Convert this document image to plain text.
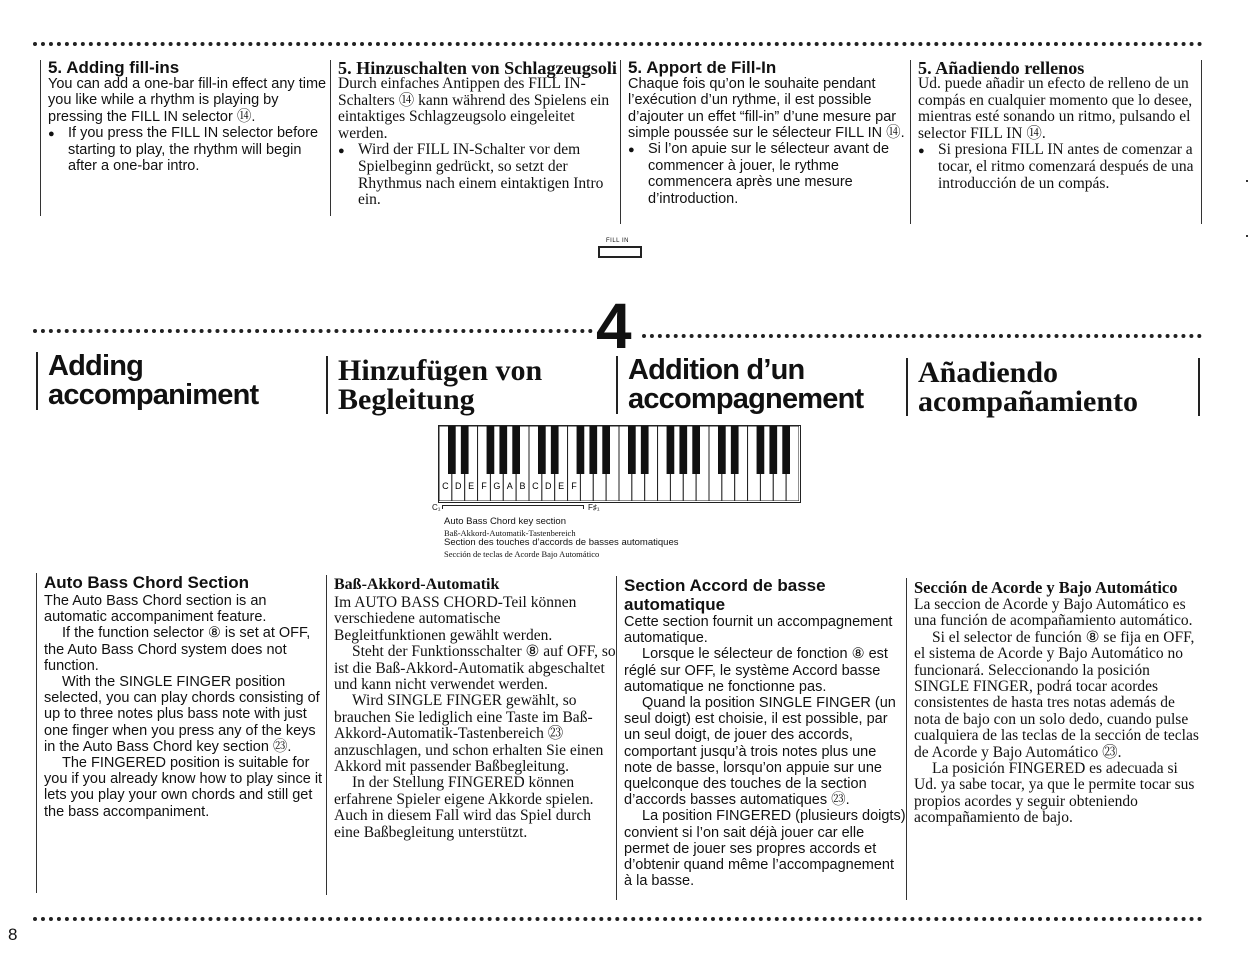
5. Adding fill-ins

You can add a one-bar fill-in effect any time you like while a rhythm is playing by pressing the FILL IN selector ⑭.

● If you press the FILL IN selector before starting to play, the rhythm will begin after a one-bar intro.

5. Hinzuschalten von Schlagzeugsoli

Durch einfaches Antippen des FILL IN-Schalters ⑭ kann während des Spielens ein eintaktiges Schlagzeugsolo eingeleitet werden.

● Wird der FILL IN-Schalter vor dem Spielbeginn gedrückt, so setzt der Rhythmus nach einem eintaktigen Intro ein.

5. Apport de Fill-In

Chaque fois qu’on le souhaite pendant l’exécution d’un rythme, il est possible d’ajouter un effet “fill-in” d’une mesure par simple poussée sur le sélecteur FILL IN ⑭.

● Si l’on apuie sur le sélecteur avant de commencer à jouer, le rythme commencera après une mesure d’introduction.

5. Añadiendo rellenos

Ud. puede añadir un efecto de relleno de un compás en cualquier momento que lo desee, mientras esté sonando un ritmo, pulsando el selector FILL IN ⑭.

● Si presiona FILL IN antes de comenzar a tocar, el ritmo comenzará después de una introducción de un compás.

FILL IN
4
Adding
accompaniment
Hinzufügen von
Begleitung
Addition d’un
accompagnement
Añadiendo
acompañamiento
C D E F G A B C D E F
C₁	F♯₁
Auto Bass Chord key section
Baß-Akkord-Automatik-Tastenbereich
Section des touches d’accords de basses automatiques
Sección de teclas de Acorde Bajo Automático
Auto Bass Chord Section

The Auto Bass Chord section is an automatic accompaniment feature.

If the function selector ⑧ is set at OFF, the Auto Bass Chord system does not function.

With the SINGLE FINGER position selected, you can play chords consisting of up to three notes plus bass note with just one finger when you press any of the keys in the Auto Bass Chord key section ㉓.

The FINGERED position is suitable for you if you already know how to play since it lets you play your own chords and still get the bass accompaniment.

Baß-Akkord-Automatik

Im AUTO BASS CHORD-Teil können verschiedene automatische Begleitfunktionen gewählt werden.

Steht der Funktionsschalter ⑧ auf OFF, so ist die Baß-Akkord-Automatik abgeschaltet und kann nicht verwendet werden.

Wird SINGLE FINGER gewählt, so brauchen Sie lediglich eine Taste im Baß-Akkord-Automatik-Tastenbereich ㉓ anzuschlagen, und schon erhalten Sie einen Akkord mit passender Baßbegleitung.

In der Stellung FINGERED können erfahrene Spieler eigene Akkorde spielen. Auch in diesem Fall wird das Spiel durch eine Baßbegleitung unterstützt.

Section Accord de basse automatique

Cette section fournit un accompagnement automatique.

Lorsque le sélecteur de fonction ⑧ est réglé sur OFF, le système Accord basse automatique ne fonctionne pas.

Quand la position SINGLE FINGER (un seul doigt) est choisie, il est possible, par un seul doigt, de jouer des accords, comportant jusqu’à trois notes plus une note de basse, lorsqu’on appuie sur une quelconque des touches de la section d’accords basses automatiques ㉓.

La position FINGERED (plusieurs doigts) convient si l’on sait déjà jouer car elle permet de jouer ses propres accords et d’obtenir quand même l’accompagnement à la basse.

Sección de Acorde y Bajo Automático

La seccion de Acorde y Bajo Automático es una función de acompañamiento automático.

Si el selector de función ⑧ se fija en OFF, el sistema de Acorde y Bajo Automático no funcionará. Seleccionando la posición SINGLE FINGER, podrá tocar acordes consistentes de hasta tres notas además de nota de bajo con un solo dedo, cuando pulse cualquiera de las teclas de la sección de teclas de Acorde y Bajo Automático ㉓.

La posición FINGERED es adecuada si Ud. ya sabe tocar, ya que le permite tocar sus propios acordes y seguir obteniendo acompañamiento de bajo.

8
